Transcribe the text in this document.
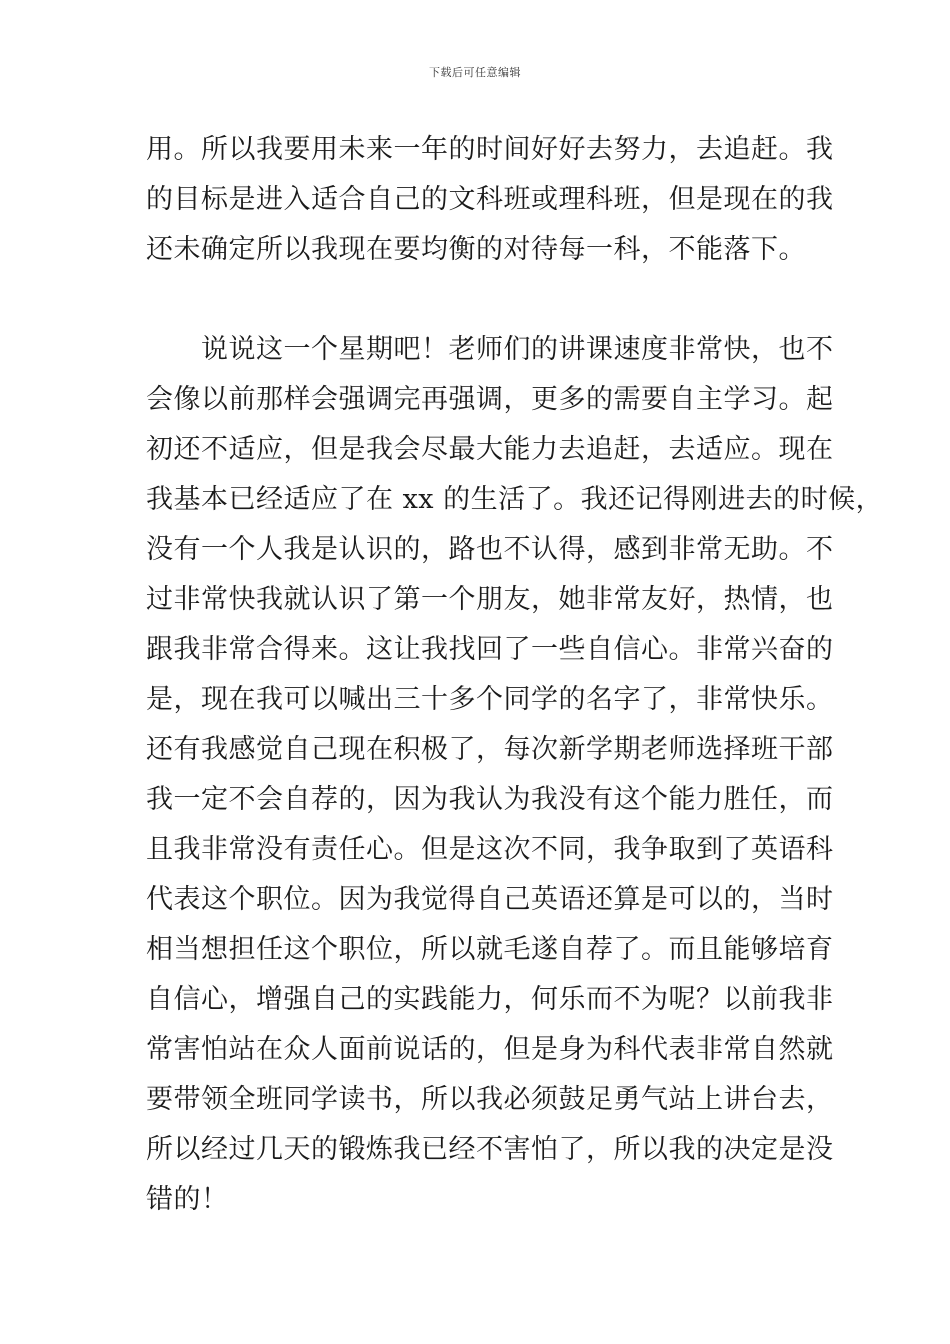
下载后可任意编辑
用。所以我要用未来一年的时间好好去努力，去追赶。我
的目标是进入适合自己的文科班或理科班，但是现在的我
还未确定所以我现在要均衡的对待每一科，不能落下。
　　说说这一个星期吧！老师们的讲课速度非常快，也不
会像以前那样会强调完再强调，更多的需要自主学习。起
初还不适应，但是我会尽最大能力去追赶，去适应。现在
我基本已经适应了在 xx 的生活了。我还记得刚进去的时候，
没有一个人我是认识的，路也不认得，感到非常无助。不
过非常快我就认识了第一个朋友，她非常友好，热情，也
跟我非常合得来。这让我找回了一些自信心。非常兴奋的
是，现在我可以喊出三十多个同学的名字了，非常快乐。
还有我感觉自己现在积极了，每次新学期老师选择班干部
我一定不会自荐的，因为我认为我没有这个能力胜任，而
且我非常没有责任心。但是这次不同，我争取到了英语科
代表这个职位。因为我觉得自己英语还算是可以的，当时
相当想担任这个职位，所以就毛遂自荐了。而且能够培育
自信心，增强自己的实践能力，何乐而不为呢？以前我非
常害怕站在众人面前说话的，但是身为科代表非常自然就
要带领全班同学读书，所以我必须鼓足勇气站上讲台去，
所以经过几天的锻炼我已经不害怕了，所以我的决定是没
错的！
